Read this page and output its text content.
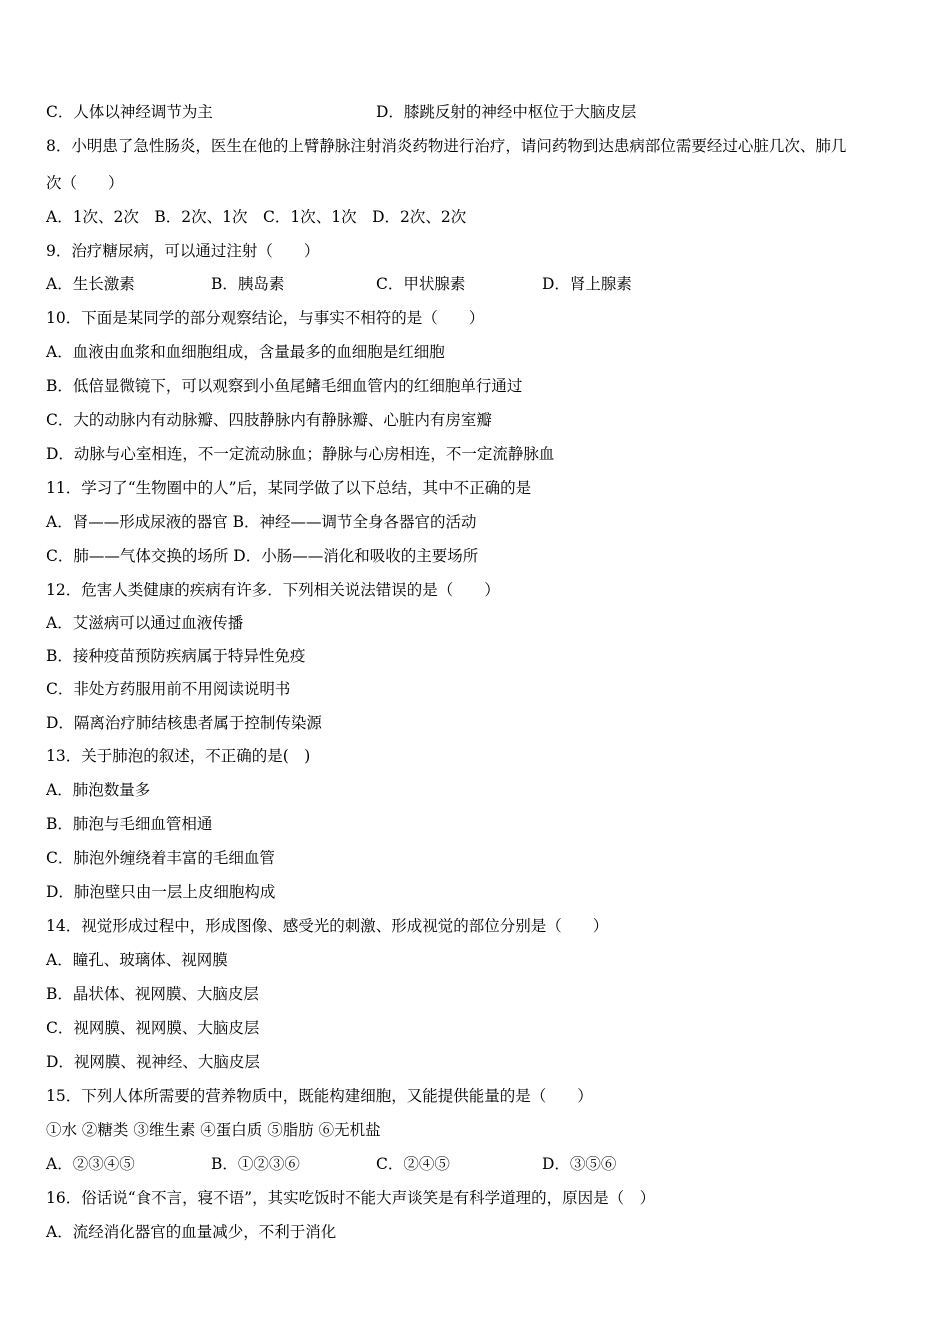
C．人体以神经调节为主	D．膝跳反射的神经中枢位于大脑皮层
8．小明患了急性肠炎，医生在他的上臂静脉注射消炎药物进行治疗，请问药物到达患病部位需要经过心脏几次、肺几
次（　　）
A．1次、2次　B．2次、1次　C．1次、1次　D．2次、2次
9．治疗糖尿病，可以通过注射（　　）
A．生长激素	B．胰岛素	C．甲状腺素	D．肾上腺素
10．下面是某同学的部分观察结论，与事实不相符的是（　　）
A．血液由血浆和血细胞组成，含量最多的血细胞是红细胞
B．低倍显微镜下，可以观察到小鱼尾鳍毛细血管内的红细胞单行通过
C．大的动脉内有动脉瓣、四肢静脉内有静脉瓣、心脏内有房室瓣
D．动脉与心室相连，不一定流动脉血；静脉与心房相连，不一定流静脉血
11．学习了“生物圈中的人”后，某同学做了以下总结，其中不正确的是
A．肾——形成尿液的器官 B．神经——调节全身各器官的活动
C．肺——气体交换的场所 D．小肠——消化和吸收的主要场所
12．危害人类健康的疾病有许多．下列相关说法错误的是（　　）
A．艾滋病可以通过血液传播
B．接种疫苗预防疾病属于特异性免疫
C．非处方药服用前不用阅读说明书
D．隔离治疗肺结核患者属于控制传染源
13．关于肺泡的叙述，不正确的是(　)
A．肺泡数量多
B．肺泡与毛细血管相通
C．肺泡外缠绕着丰富的毛细血管
D．肺泡壁只由一层上皮细胞构成
14．视觉形成过程中，形成图像、感受光的刺激、形成视觉的部位分别是（　　）
A．瞳孔、玻璃体、视网膜
B．晶状体、视网膜、大脑皮层
C．视网膜、视网膜、大脑皮层
D．视网膜、视神经、大脑皮层
15．下列人体所需要的营养物质中，既能构建细胞，又能提供能量的是（　　）
①水 ②糖类 ③维生素 ④蛋白质 ⑤脂肪 ⑥无机盐
A．②③④⑤	B．①②③⑥	C．②④⑤	D．③⑤⑥
16．俗话说“食不言，寝不语”，其实吃饭时不能大声谈笑是有科学道理的，原因是（　）
A．流经消化器官的血量减少，不利于消化
